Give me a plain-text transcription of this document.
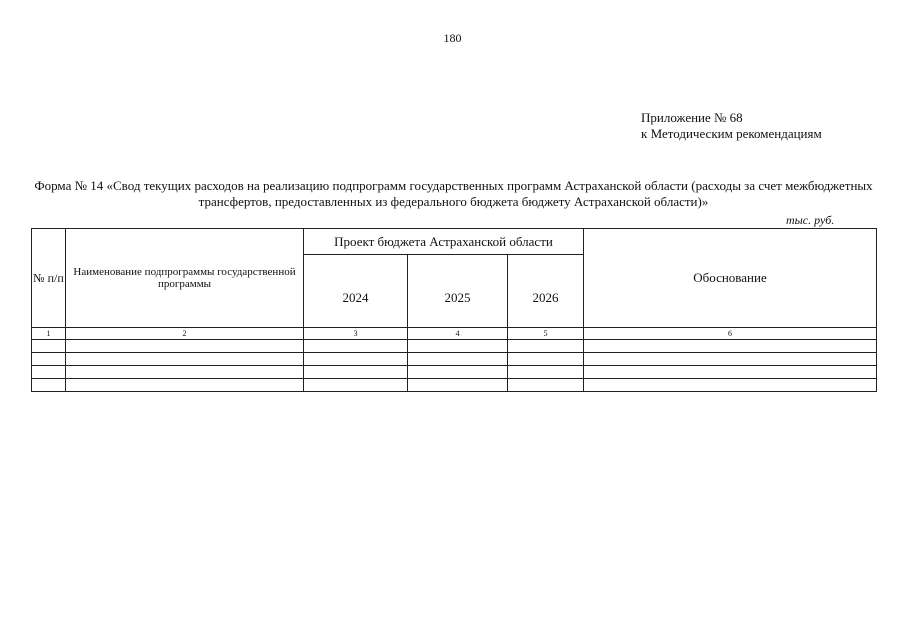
180
Приложение № 68
к Методическим рекомендациям
Форма № 14 «Свод текущих расходов на реализацию подпрограмм государственных программ Астраханской области (расходы за счет межбюджетных трансфертов, предоставленных из федерального бюджета бюджету Астраханской области)»
тыс. руб.
№ п/п	Наименование подпрограммы государственной программы	Проект бюджета Астраханской области			Обоснование
		2024	2025	2026	
1	2	3	4	5	6
